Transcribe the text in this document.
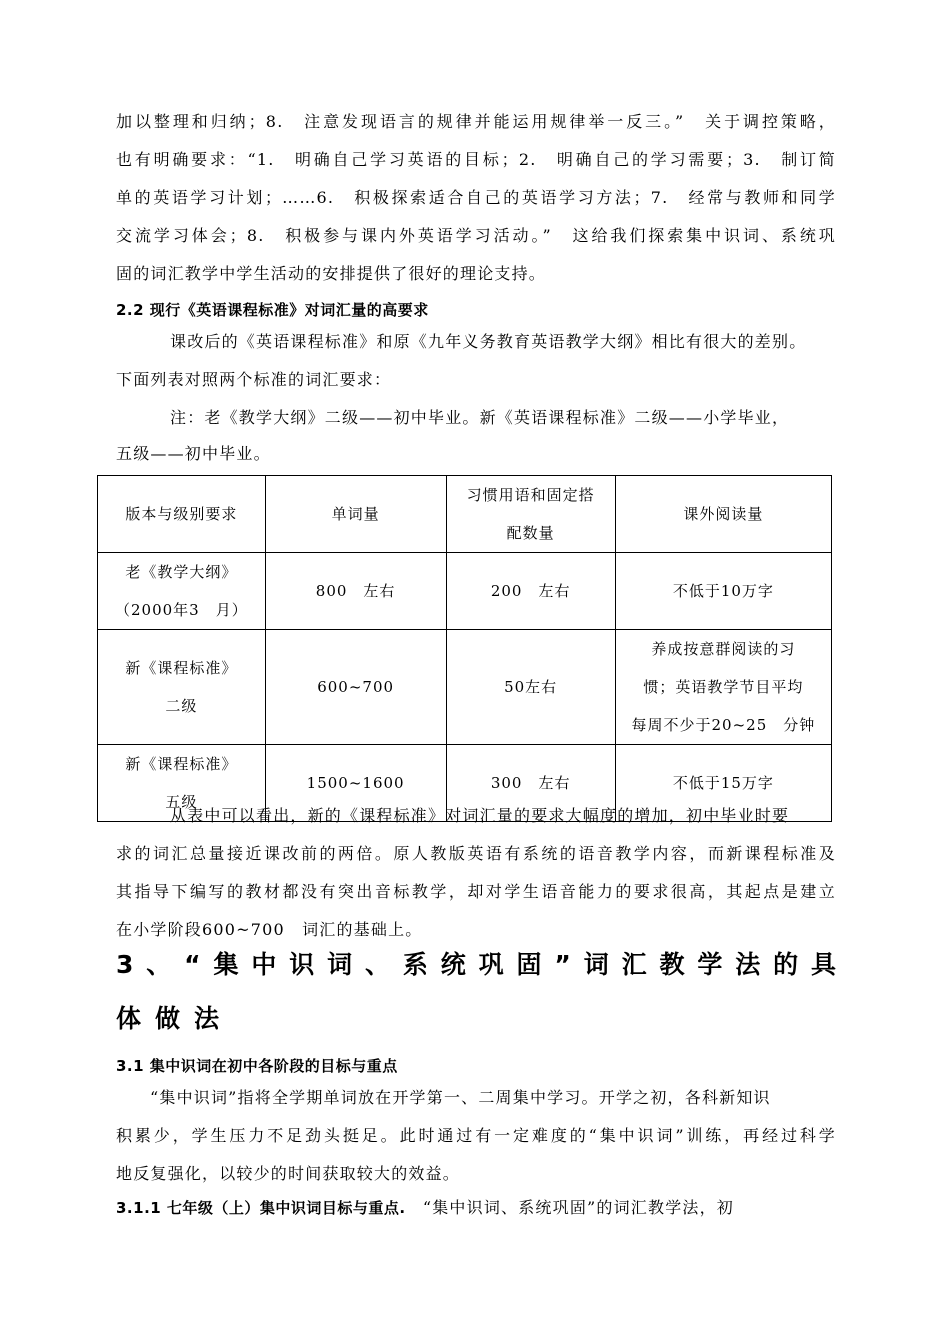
加以整理和归纳；8.　注意发现语言的规律并能运用规律举一反三。”　关于调控策略，
也有明确要求：“1.　明确自己学习英语的目标；2.　明确自己的学习需要；3.　制订简
单的英语学习计划；……6.　积极探索适合自己的英语学习方法；7.　经常与教师和同学
交流学习体会；8.　积极参与课内外英语学习活动。”　这给我们探索集中识词、系统巩
固的词汇教学中学生活动的安排提供了很好的理论支持。
2.2 现行《英语课程标准》对词汇量的高要求
课改后的《英语课程标准》和原《九年义务教育英语教学大纲》相比有很大的差别。
下面列表对照两个标准的词汇要求：
注：老《教学大纲》二级——初中毕业。新《英语课程标准》二级——小学毕业，
五级——初中毕业。
版本与级别要求	单词量	习惯用语和固定搭
配数量	课外阅读量

老《教学大纲》
（2000年3　月）	800　左右	200　左右	不低于10万字

新《课程标准》
二级	600~700	50左右	养成按意群阅读的习
惯；英语教学节目平均
每周不少于20~25　分钟

新《课程标准》
五级	1500~1600	300　左右	不低于15万字
从表中可以看出，新的《课程标准》对词汇量的要求大幅度的增加，初中毕业时要
求的词汇总量接近课改前的两倍。原人教版英语有系统的语音教学内容，而新课程标准及
其指导下编写的教材都没有突出音标教学，却对学生语音能力的要求很高，其起点是建立
在小学阶段600~700　词汇的基础上。
3、“集中识词、系统巩固”词汇教学法的具
体做法
3.1 集中识词在初中各阶段的目标与重点
“集中识词”指将全学期单词放在开学第一、二周集中学习。开学之初，各科新知识
积累少，学生压力不足劲头挺足。此时通过有一定难度的“集中识词”训练，再经过科学
地反复强化，以较少的时间获取较大的效益。
3.1.1 七年级（上）集中识词目标与重点.　“集中识词、系统巩固”的词汇教学法，初
